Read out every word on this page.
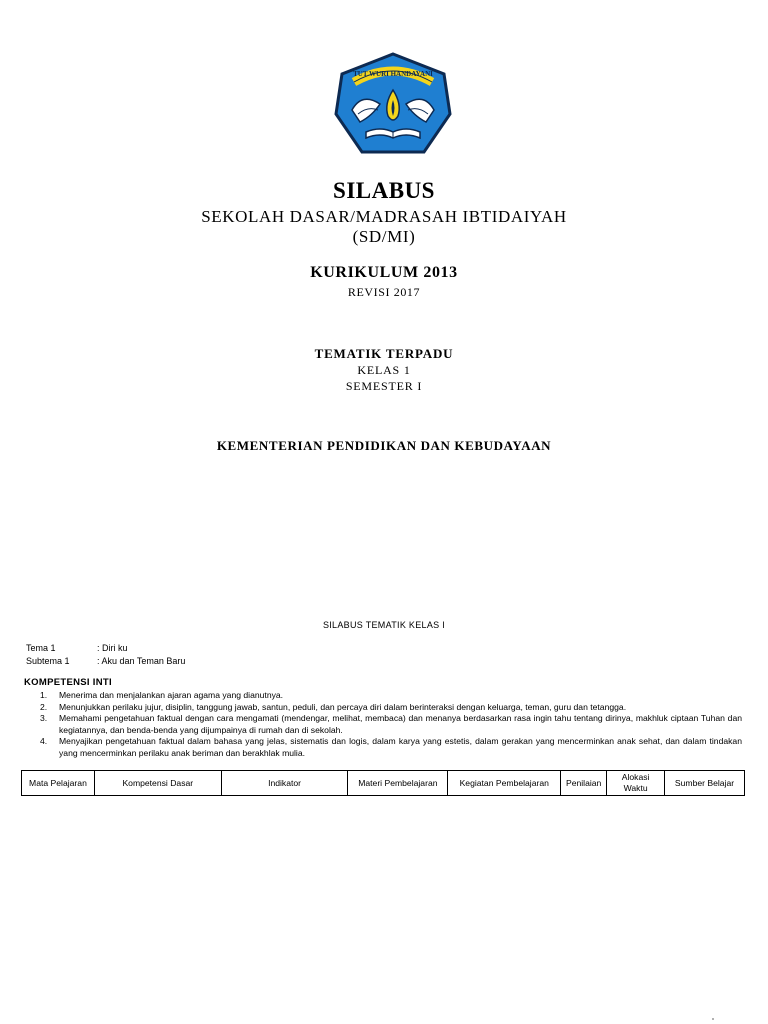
TUT WURI HANDAYANI
SILABUS
SEKOLAH DASAR/MADRASAH IBTIDAIYAH
(SD/MI)
KURIKULUM 2013
REVISI 2017
TEMATIK TERPADU
KELAS 1
SEMESTER I
KEMENTERIAN PENDIDIKAN DAN KEBUDAYAAN
SILABUS TEMATIK KELAS I
Tema 1	: Diri ku
Subtema 1	: Aku dan Teman Baru
KOMPETENSI INTI
1. Menerima dan menjalankan ajaran agama yang dianutnya.
2. Menunjukkan perilaku jujur, disiplin, tanggung jawab, santun, peduli, dan percaya diri dalam berinteraksi dengan keluarga, teman, guru dan tetangga.
3. Memahami pengetahuan faktual dengan cara mengamati (mendengar, melihat, membaca) dan menanya berdasarkan rasa ingin tahu tentang dirinya, makhluk ciptaan Tuhan dan kegiatannya, dan benda-benda yang dijumpainya di rumah dan di sekolah.
4. Menyajikan pengetahuan faktual dalam bahasa yang jelas, sistematis dan logis, dalam karya yang estetis, dalam gerakan yang mencerminkan anak sehat, dan dalam tindakan yang mencerminkan perilaku anak beriman dan berakhlak mulia.
Mata Pelajaran	Kompetensi Dasar	Indikator	Materi Pembelajaran	Kegiatan Pembelajaran	Penilaian	Alokasi Waktu	Sumber Belajar
